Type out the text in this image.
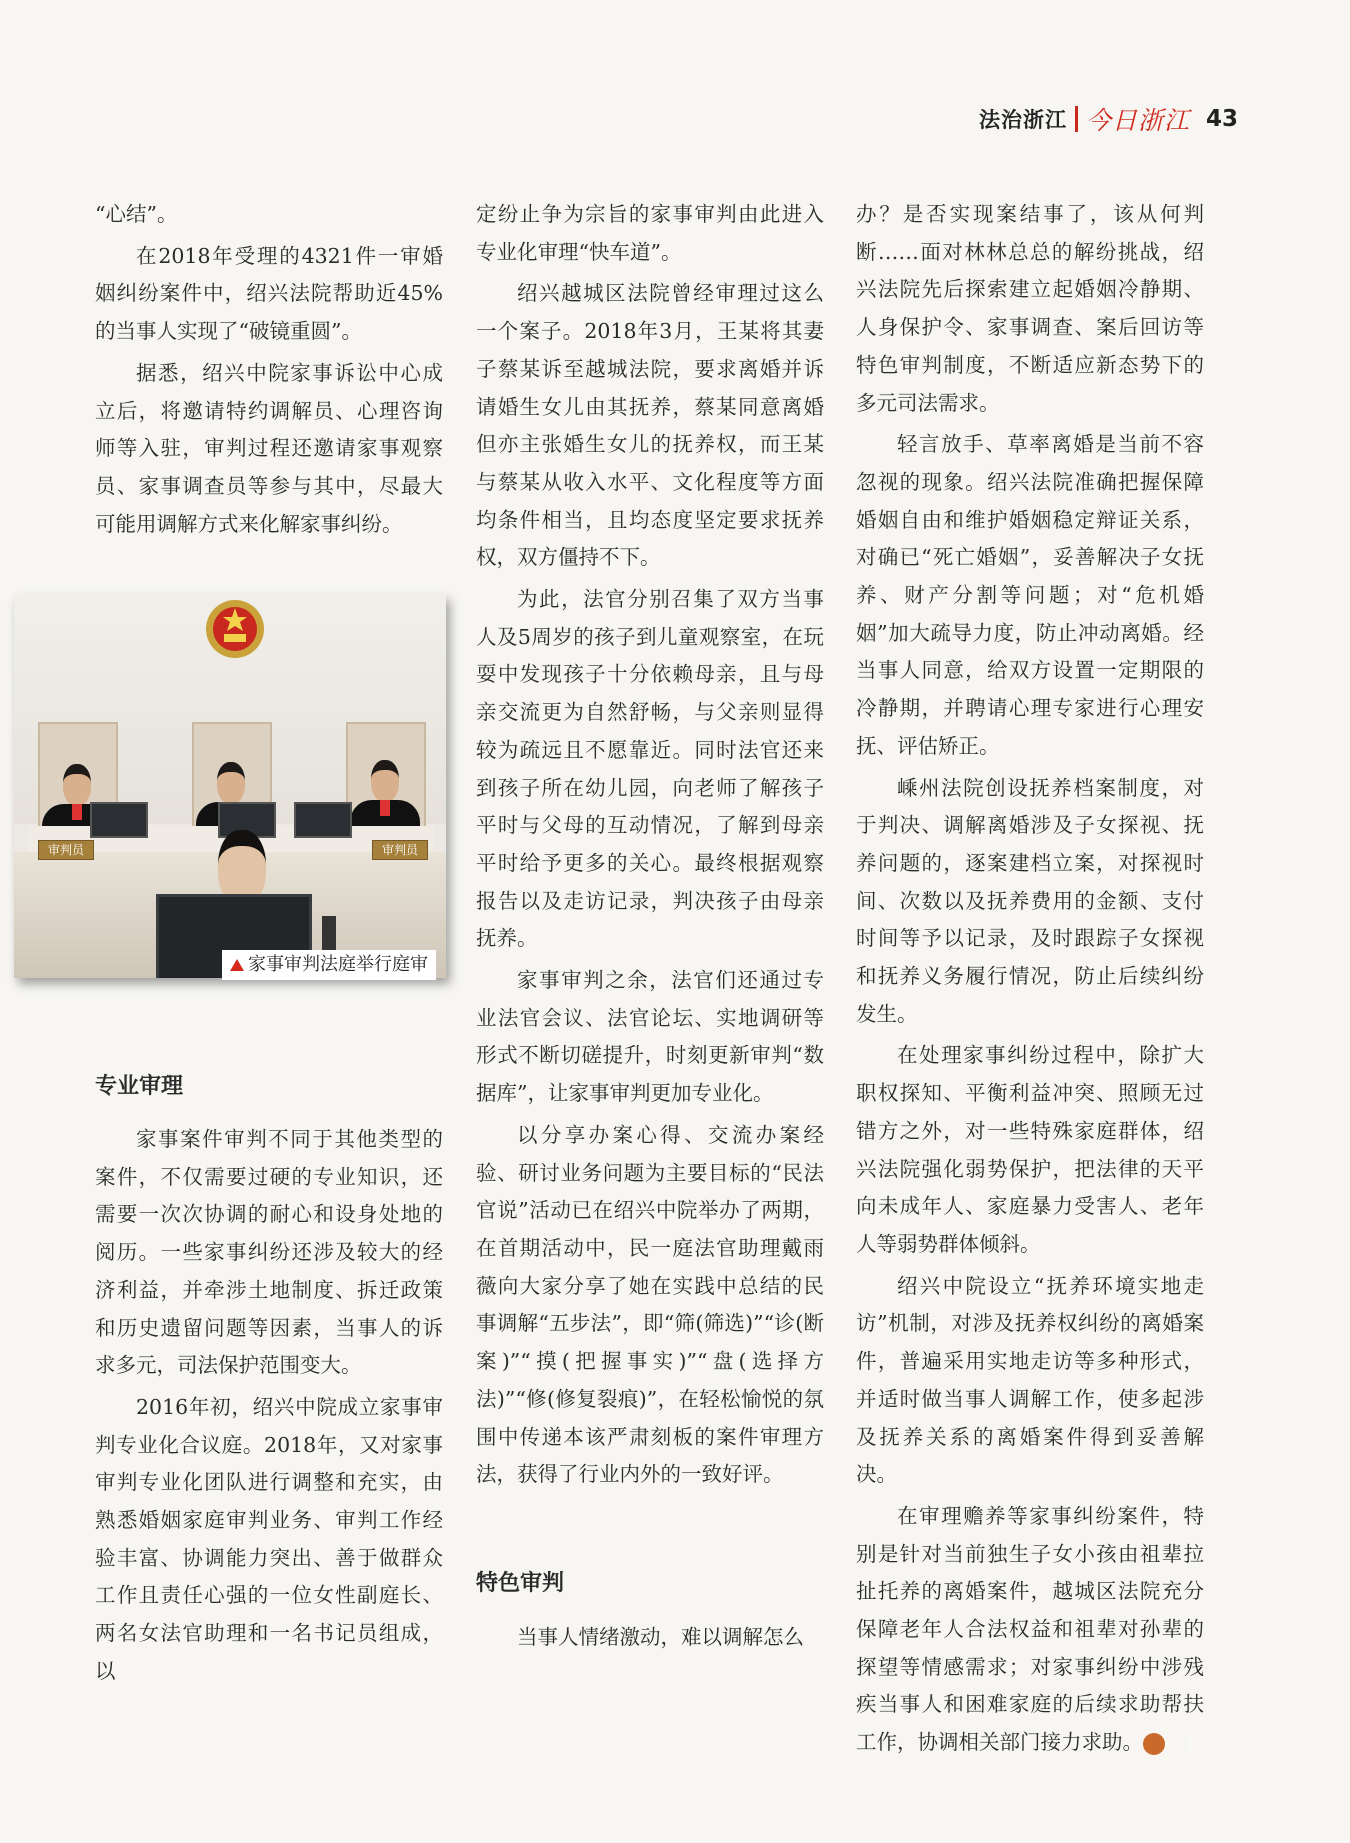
法治浙江 今日浙江 43

“心结”。

在2018年受理的4321件一审婚姻纠纷案件中，绍兴法院帮助近45%的当事人实现了“破镜重圆”。

据悉，绍兴中院家事诉讼中心成立后，将邀请特约调解员、心理咨询师等入驻，审判过程还邀请家事观察员、家事调查员等参与其中，尽最大可能用调解方式来化解家事纠纷。

审判员	审判员
家事审判法庭举行庭审
专业审理

家事案件审判不同于其他类型的案件，不仅需要过硬的专业知识，还需要一次次协调的耐心和设身处地的阅历。一些家事纠纷还涉及较大的经济利益，并牵涉土地制度、拆迁政策和历史遗留问题等因素，当事人的诉求多元，司法保护范围变大。

2016年初，绍兴中院成立家事审判专业化合议庭。2018年，又对家事审判专业化团队进行调整和充实，由熟悉婚姻家庭审判业务、审判工作经验丰富、协调能力突出、善于做群众工作且责任心强的一位女性副庭长、两名女法官助理和一名书记员组成，以

定纷止争为宗旨的家事审判由此进入专业化审理“快车道”。

绍兴越城区法院曾经审理过这么一个案子。2018年3月，王某将其妻子蔡某诉至越城法院，要求离婚并诉请婚生女儿由其抚养，蔡某同意离婚但亦主张婚生女儿的抚养权，而王某与蔡某从收入水平、文化程度等方面均条件相当，且均态度坚定要求抚养权，双方僵持不下。

为此，法官分别召集了双方当事人及5周岁的孩子到儿童观察室，在玩耍中发现孩子十分依赖母亲，且与母亲交流更为自然舒畅，与父亲则显得较为疏远且不愿靠近。同时法官还来到孩子所在幼儿园，向老师了解孩子平时与父母的互动情况，了解到母亲平时给予更多的关心。最终根据观察报告以及走访记录，判决孩子由母亲抚养。

家事审判之余，法官们还通过专业法官会议、法官论坛、实地调研等形式不断切磋提升，时刻更新审判“数据库”，让家事审判更加专业化。

以分享办案心得、交流办案经验、研讨业务问题为主要目标的“民法官说”活动已在绍兴中院举办了两期，在首期活动中，民一庭法官助理戴雨薇向大家分享了她在实践中总结的民事调解“五步法”，即“筛(筛选)”“诊(断案)”“摸(把握事实)”“盘(选择方法)”“修(修复裂痕)”，在轻松愉悦的氛围中传递本该严肃刻板的案件审理方法，获得了行业内外的一致好评。

特色审判

当事人情绪激动，难以调解怎么

办？是否实现案结事了，该从何判断……面对林林总总的解纷挑战，绍兴法院先后探索建立起婚姻冷静期、人身保护令、家事调查、案后回访等特色审判制度，不断适应新态势下的多元司法需求。

轻言放手、草率离婚是当前不容忽视的现象。绍兴法院准确把握保障婚姻自由和维护婚姻稳定辩证关系，对确已“死亡婚姻”，妥善解决子女抚养、财产分割等问题；对“危机婚姻”加大疏导力度，防止冲动离婚。经当事人同意，给双方设置一定期限的冷静期，并聘请心理专家进行心理安抚、评估矫正。

嵊州法院创设抚养档案制度，对于判决、调解离婚涉及子女探视、抚养问题的，逐案建档立案，对探视时间、次数以及抚养费用的金额、支付时间等予以记录，及时跟踪子女探视和抚养义务履行情况，防止后续纠纷发生。

在处理家事纠纷过程中，除扩大职权探知、平衡利益冲突、照顾无过错方之外，对一些特殊家庭群体，绍兴法院强化弱势保护，把法律的天平向未成年人、家庭暴力受害人、老年人等弱势群体倾斜。

绍兴中院设立“抚养环境实地走访”机制，对涉及抚养权纠纷的离婚案件，普遍采用实地走访等多种形式，并适时做当事人调解工作，使多起涉及抚养关系的离婚案件得到妥善解决。

在审理赡养等家事纠纷案件，特别是针对当前独生子女小孩由祖辈拉扯托养的离婚案件，越城区法院充分保障老年人合法权益和祖辈对孙辈的探望等情感需求；对家事纠纷中涉残疾当事人和困难家庭的后续求助帮扶工作，协调相关部门接力求助。	今
